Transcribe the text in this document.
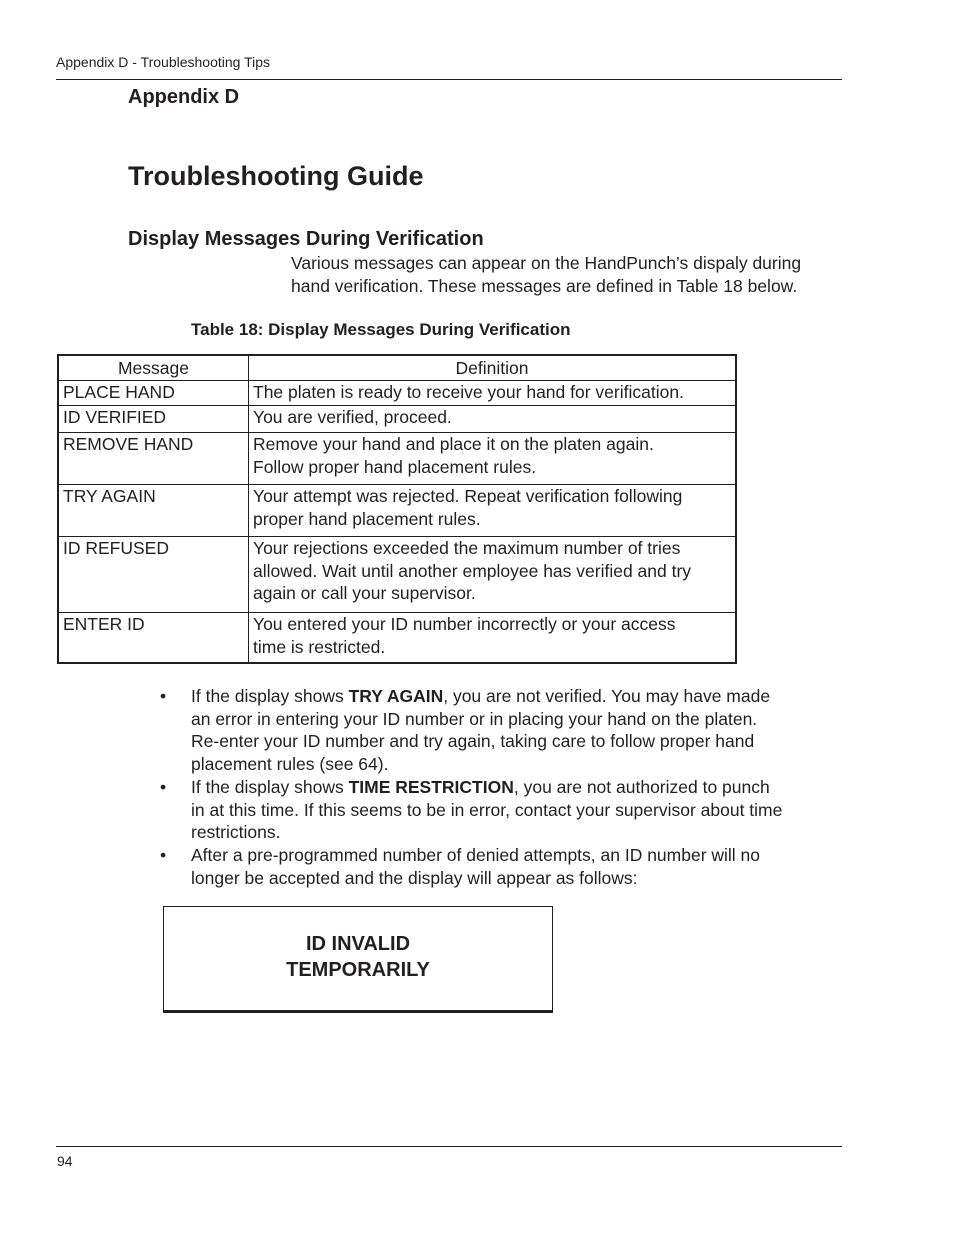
Appendix D - Troubleshooting Tips
Appendix D
Troubleshooting Guide
Display Messages During Verification
Various messages can appear on the HandPunch’s dispaly during
hand verification. These messages are defined in Table 18 below.
Table 18: Display Messages During Verification
Message	Definition
PLACE HAND	The platen is ready to receive your hand for verification.

ID VERIFIED	You are verified, proceed.

REMOVE HAND	Remove your hand and place it on the platen again.
Follow proper hand placement rules.

TRY AGAIN	Your attempt was rejected. Repeat verification following
proper hand placement rules.

ID REFUSED	Your rejections exceeded the maximum number of tries
allowed. Wait until another employee has verified and try
again or call your supervisor.

ENTER ID	You entered your ID number incorrectly or your access
time is restricted.
• If the display shows TRY AGAIN, you are not verified. You may have made
an error in entering your ID number or in placing your hand on the platen.
Re-enter your ID number and try again, taking care to follow proper hand
placement rules (see 64).
• If the display shows TIME RESTRICTION, you are not authorized to punch
in at this time. If this seems to be in error, contact your supervisor about time
restrictions.
• After a pre-programmed number of denied attempts, an ID number will no
longer be accepted and the display will appear as follows:
ID INVALID
TEMPORARILY
94
